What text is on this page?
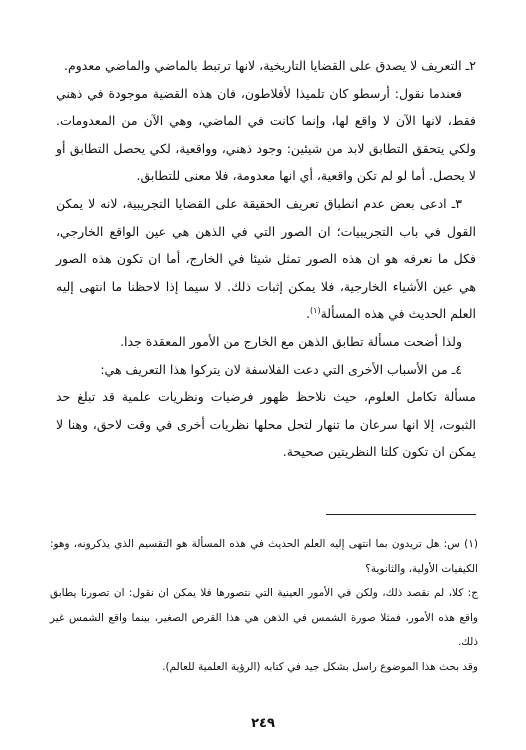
٢ـ التعريف لا يصدق على القضايا التاريخية، لانها ترتبط بالماضي والماضي معدوم.

فعندما نقول: أرسطو كان تلميذا لأفلاطون، فان هذه القضية موجودة في ذهني فقط، لانها الآن لا واقع لها، وإنما كانت في الماضي، وهي الآن من المعدومات. ولكي يتحقق التطابق لابد من شيئين: وجود ذهني، وواقعية، لكي يحصل التطابق أو لا يحصل. أما لو لم تكن واقعية، أي انها معدومة، فلا معنى للتطابق.

٣ـ ادعى بعض عدم انطباق تعريف الحقيقة على القضايا التجريبية، لانه لا يمكن القول في باب التجريبيات؛ ان الصور التي في الذهن هي عين الواقع الخارجي، فكل ما نعرفه هو ان هذه الصور تمثل شيئا في الخارج، أما ان تكون هذه الصور هي عين الأشياء الخارجية، فلا يمكن إثبات ذلك. لا سيما إذا لاحظنا ما انتهى إليه العلم الحديث في هذه المسألة$^{(١)}$.

ولذا أضحت مسألة تطابق الذهن مع الخارج من الأمور المعقدة جدا.

٤ـ من الأسباب الأخرى التي دعت الفلاسفة لان يتركوا هذا التعريف هي:

مسألة تكامل العلوم، حيث نلاحظ ظهور فرضيات ونظريات علمية قد تبلغ حد الثبوت، إلا انها سرعان ما تنهار لتحل محلها نظريات أخرى في وقت لاحق، وهنا لا يمكن ان تكون كلتا النظريتين صحيحة.

(١) س: هل تريدون بما انتهى إليه العلم الحديث في هذه المسألة هو التقسيم الذي يذكرونه، وهو: الكيفيات الأولية، والثانوية؟

ج: كلا، لم نقصد ذلك، ولكن في الأمور العينية التي نتصورها فلا يمكن ان نقول: ان تصورنا يطابق واقع هذه الأمور، فمثلا صورة الشمس في الذهن هي هذا القرص الصغير، بينما واقع الشمس غير ذلك.

وقد بحث هذا الموضوع راسل بشكل جيد في كتابه (الرؤية العلمية للعالم).

٢٤٩
